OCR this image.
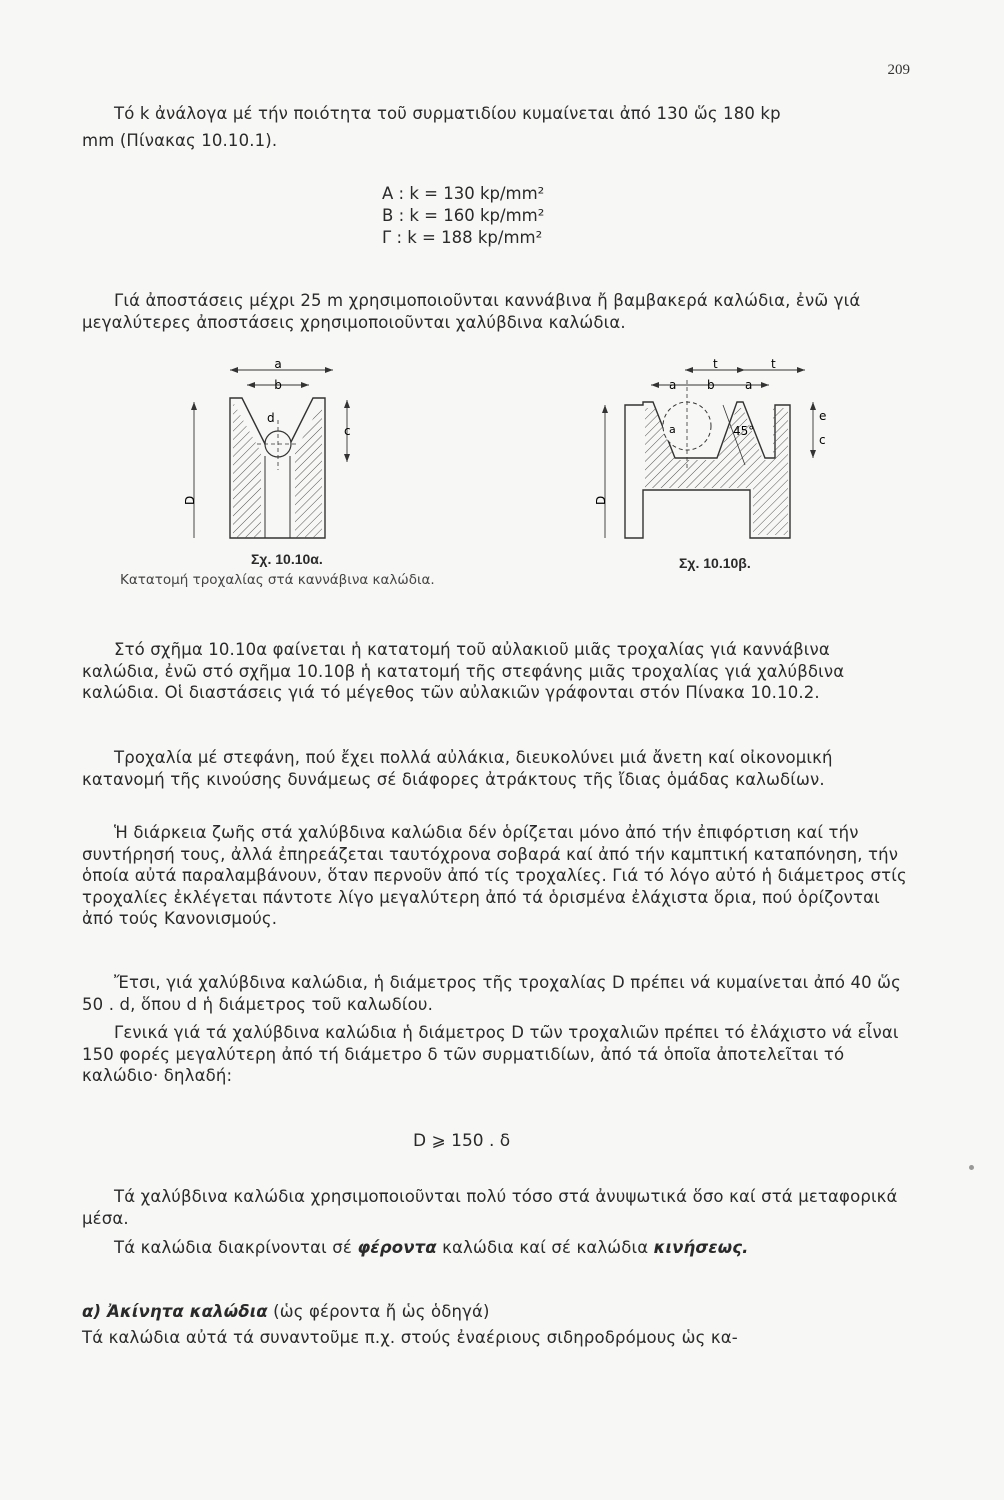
209

Τό k ἀνάλογα μέ τήν ποιότητα τοῦ συρματιδίου κυμαίνεται ἀπό 130 ὥς 180 kp

mm (Πίνακας 10.10.1).

A : k = 130 kp/mm²
B : k = 160 kp/mm²
Γ : k = 188 kp/mm²

Γιά ἀποστάσεις μέχρι 25 m χρησιμοποιοῦνται καννάβινα ἤ βαμβακερά καλώδια, ἐνῶ γιά μεγαλύτερες ἀποστάσεις χρησιμοποιοῦνται χαλύβδινα καλώδια.

a
b
d
c
D
Σχ. 10.10α.
Κατατομή τροχαλίας στά καννάβινα καλώδια.
a	45°
t	t
a	b	a
e
c
D
Σχ. 10.10β.

Στό σχῆμα 10.10α φαίνεται ἡ κατατομή τοῦ αὐλακιοῦ μιᾶς τροχαλίας γιά καννάβινα καλώδια, ἐνῶ στό σχῆμα 10.10β ἡ κατατομή τῆς στεφάνης μιᾶς τροχαλίας γιά χαλύβδινα καλώδια. Οἱ διαστάσεις γιά τό μέγεθος τῶν αὐλακιῶν γράφονται στόν Πίνακα 10.10.2.

Τροχαλία μέ στεφάνη, πού ἔχει πολλά αὐλάκια, διευκολύνει μιά ἄνετη καί οἰκονομική κατανομή τῆς κινούσης δυνάμεως σέ διάφορες ἀτράκτους τῆς ἴδιας ὁμάδας καλωδίων.

Ἡ διάρκεια ζωῆς στά χαλύβδινα καλώδια δέν ὁρίζεται μόνο ἀπό τήν ἐπιφόρτιση καί τήν συντήρησή τους, ἀλλά ἐπηρεάζεται ταυτόχρονα σοβαρά καί ἀπό τήν καμπτική καταπόνηση, τήν ὁποία αὐτά παραλαμβάνουν, ὅταν περνοῦν ἀπό τίς τροχαλίες. Γιά τό λόγο αὐτό ἡ διάμετρος στίς τροχαλίες ἐκλέγεται πάντοτε λίγο μεγαλύτερη ἀπό τά ὁρισμένα ἐλάχιστα ὅρια, πού ὁρίζονται ἀπό τούς Κανονισμούς.

Ἔτσι, γιά χαλύβδινα καλώδια, ἡ διάμετρος τῆς τροχαλίας D πρέπει νά κυμαίνεται ἀπό 40 ὥς 50 . d, ὅπου d ἡ διάμετρος τοῦ καλωδίου.

Γενικά γιά τά χαλύβδινα καλώδια ἡ διάμετρος D τῶν τροχαλιῶν πρέπει τό ἐλάχιστο νά εἶναι 150 φορές μεγαλύτερη ἀπό τή διάμετρο δ τῶν συρματιδίων, ἀπό τά ὁποῖα ἀποτελεῖται τό καλώδιο· δηλαδή:

D ⩾ 150 . δ

Τά χαλύβδινα καλώδια χρησιμοποιοῦνται πολύ τόσο στά ἀνυψωτικά ὅσο καί στά μεταφορικά μέσα.

Τά καλώδια διακρίνονται σέ φέροντα καλώδια καί σέ καλώδια κινήσεως.

α) Ἀκίνητα καλώδια (ὡς φέροντα ἤ ὡς ὁδηγά)

Τά καλώδια αὐτά τά συναντοῦμε π.χ. στούς ἐναέριους σιδηροδρόμους ὡς κα-
